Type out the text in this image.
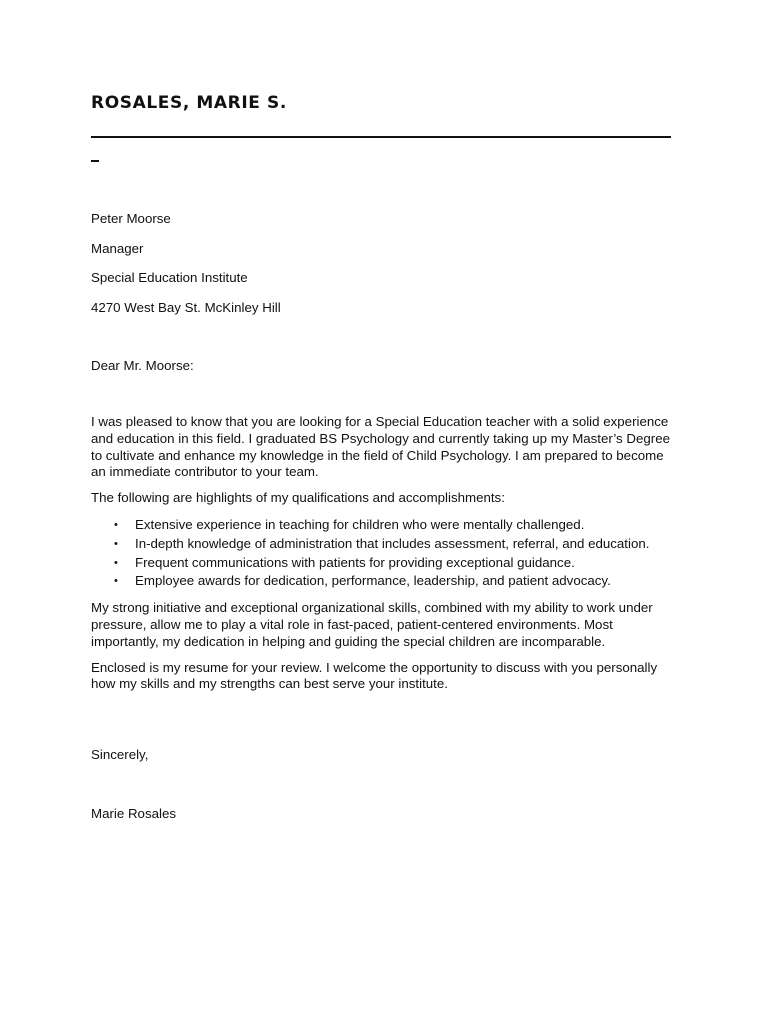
ROSALES, MARIE S.
Peter Moorse
Manager
Special Education Institute
4270 West Bay St. McKinley Hill

Dear Mr. Moorse:

I was pleased to know that you are looking for a Special Education teacher with a solid experience and education in this field. I graduated BS Psychology and currently taking up my Master’s Degree to cultivate and enhance my knowledge in the field of Child Psychology. I am prepared to become an immediate contributor to your team.

The following are highlights of my qualifications and accomplishments:

• Extensive experience in teaching for children who were mentally challenged.
• In-depth knowledge of administration that includes assessment, referral, and education.
• Frequent communications with patients for providing exceptional guidance.
• Employee awards for dedication, performance, leadership, and patient advocacy.

My strong initiative and exceptional organizational skills, combined with my ability to work under pressure, allow me to play a vital role in fast-paced, patient-centered environments. Most importantly, my dedication in helping and guiding the special children are incomparable.

Enclosed is my resume for your review. I welcome the opportunity to discuss with you personally how my skills and my strengths can best serve your institute.

Sincerely,

Marie Rosales
